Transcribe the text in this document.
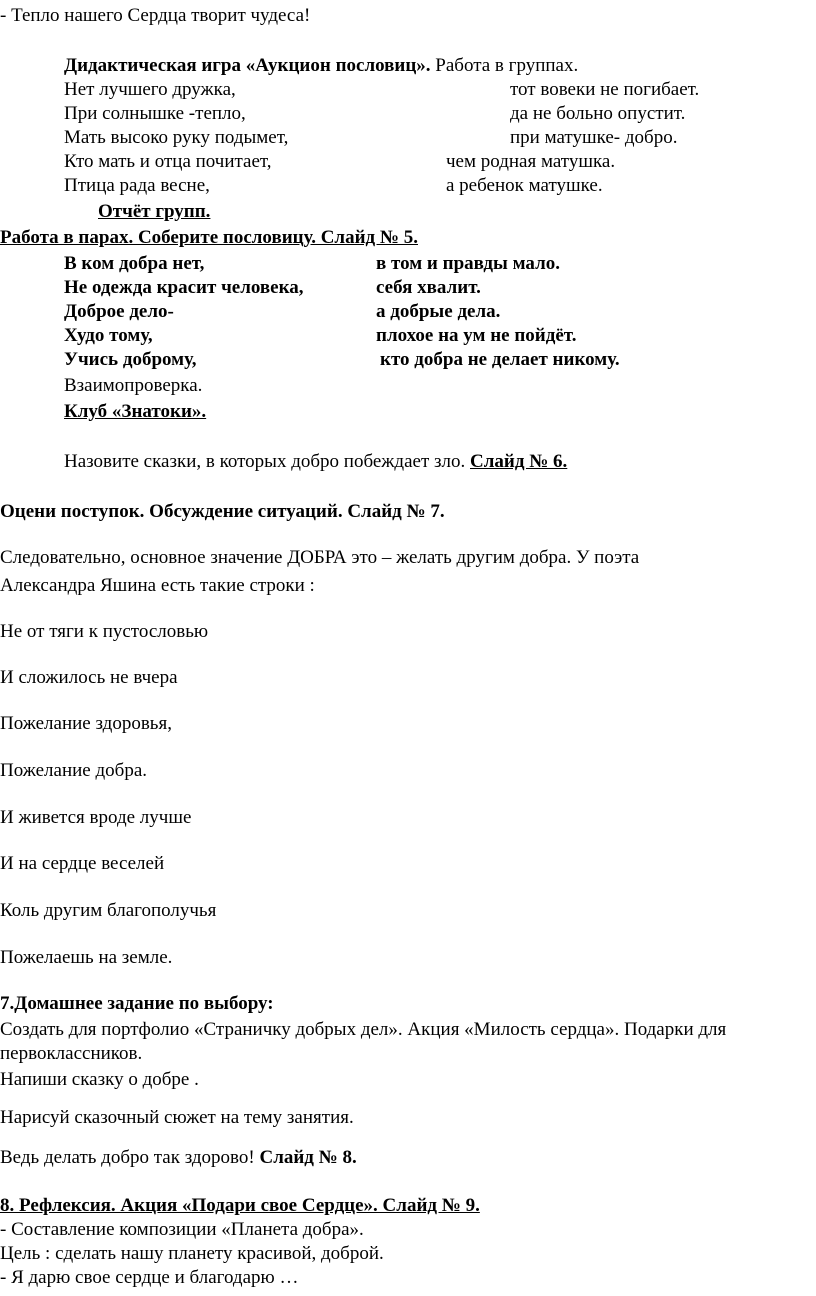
- Тепло нашего Сердца творит чудеса!
Дидактическая игра «Аукцион пословиц». Работа в группах.
Нет лучшего дружка,	тот вовеки не погибает.
При солнышке -тепло,	да не больно опустит.
Мать высоко руку подымет,	при матушке- добро.
Кто мать и отца почитает,	чем родная матушка.
Птица рада весне,	а ребенок матушке.
Отчёт групп.
Работа в парах. Соберите пословицу. Слайд № 5.
В ком добра нет,	в том и правды мало.
Не одежда красит человека,	себя хвалит.
Доброе дело-	а добрые дела.
Худо тому,	плохое на ум не пойдёт.
Учись доброму,	кто добра не делает никому.
Взаимопроверка.
Клуб «Знатоки».
Назовите сказки, в которых добро побеждает зло. Слайд № 6.
Оцени поступок. Обсуждение ситуаций. Слайд № 7.
Следовательно, основное значение ДОБРА это – желать другим добра. У поэта
Александра Яшина есть такие строки :
Не от тяги к пустословью
И сложилось не вчера
Пожелание здоровья,
Пожелание добра.
И живется вроде лучше
И на сердце веселей
Коль другим благополучья
Пожелаешь на земле.
7.Домашнее задание по выбору:
Создать для портфолио «Страничку добрых дел». Акция «Милость сердца». Подарки для
первоклассников.
Напиши сказку о добре .
Нарисуй сказочный сюжет на тему занятия.
Ведь делать добро так здорово! Слайд № 8.
8. Рефлексия. Акция «Подари свое Сердце». Слайд № 9.
- Составление композиции «Планета добра».
Цель : сделать нашу планету красивой, доброй.
- Я дарю свое сердце и благодарю …
